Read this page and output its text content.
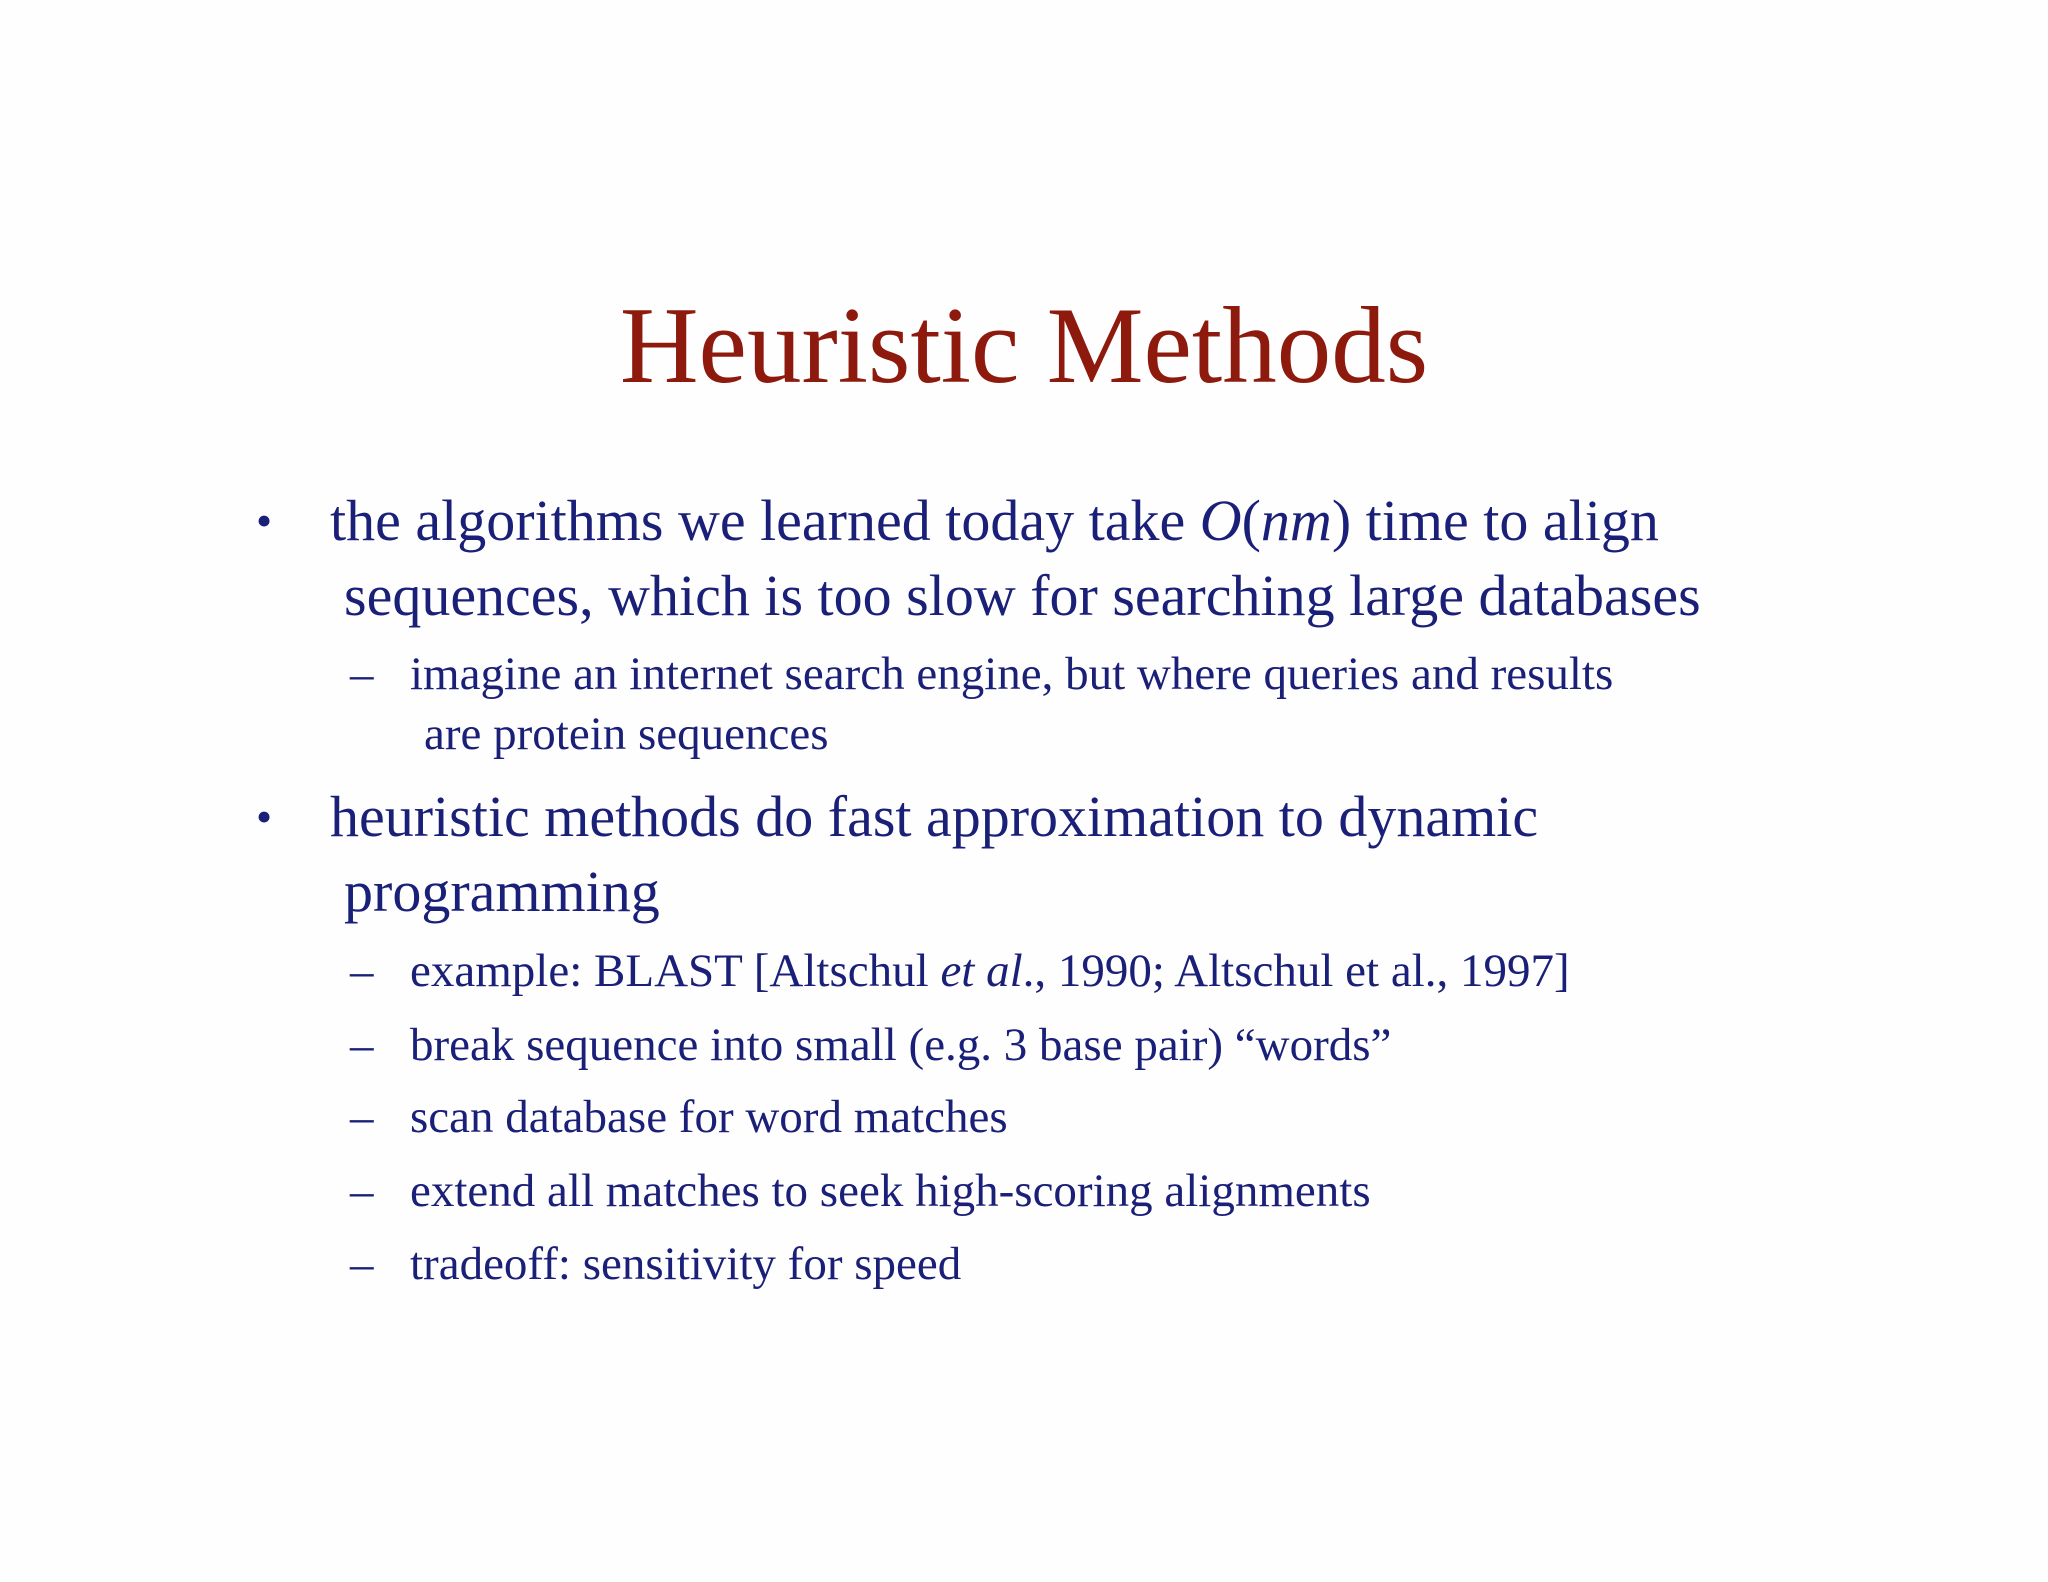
Heuristic Methods
• the algorithms we learned today take O(nm) time to align
sequences, which is too slow for searching large databases
– imagine an internet search engine, but where queries and results
are protein sequences
• heuristic methods do fast approximation to dynamic
programming
– example: BLAST [Altschul et al., 1990; Altschul et al., 1997]
– break sequence into small (e.g. 3 base pair) “words”
– scan database for word matches
– extend all matches to seek high-scoring alignments
– tradeoff: sensitivity for speed
